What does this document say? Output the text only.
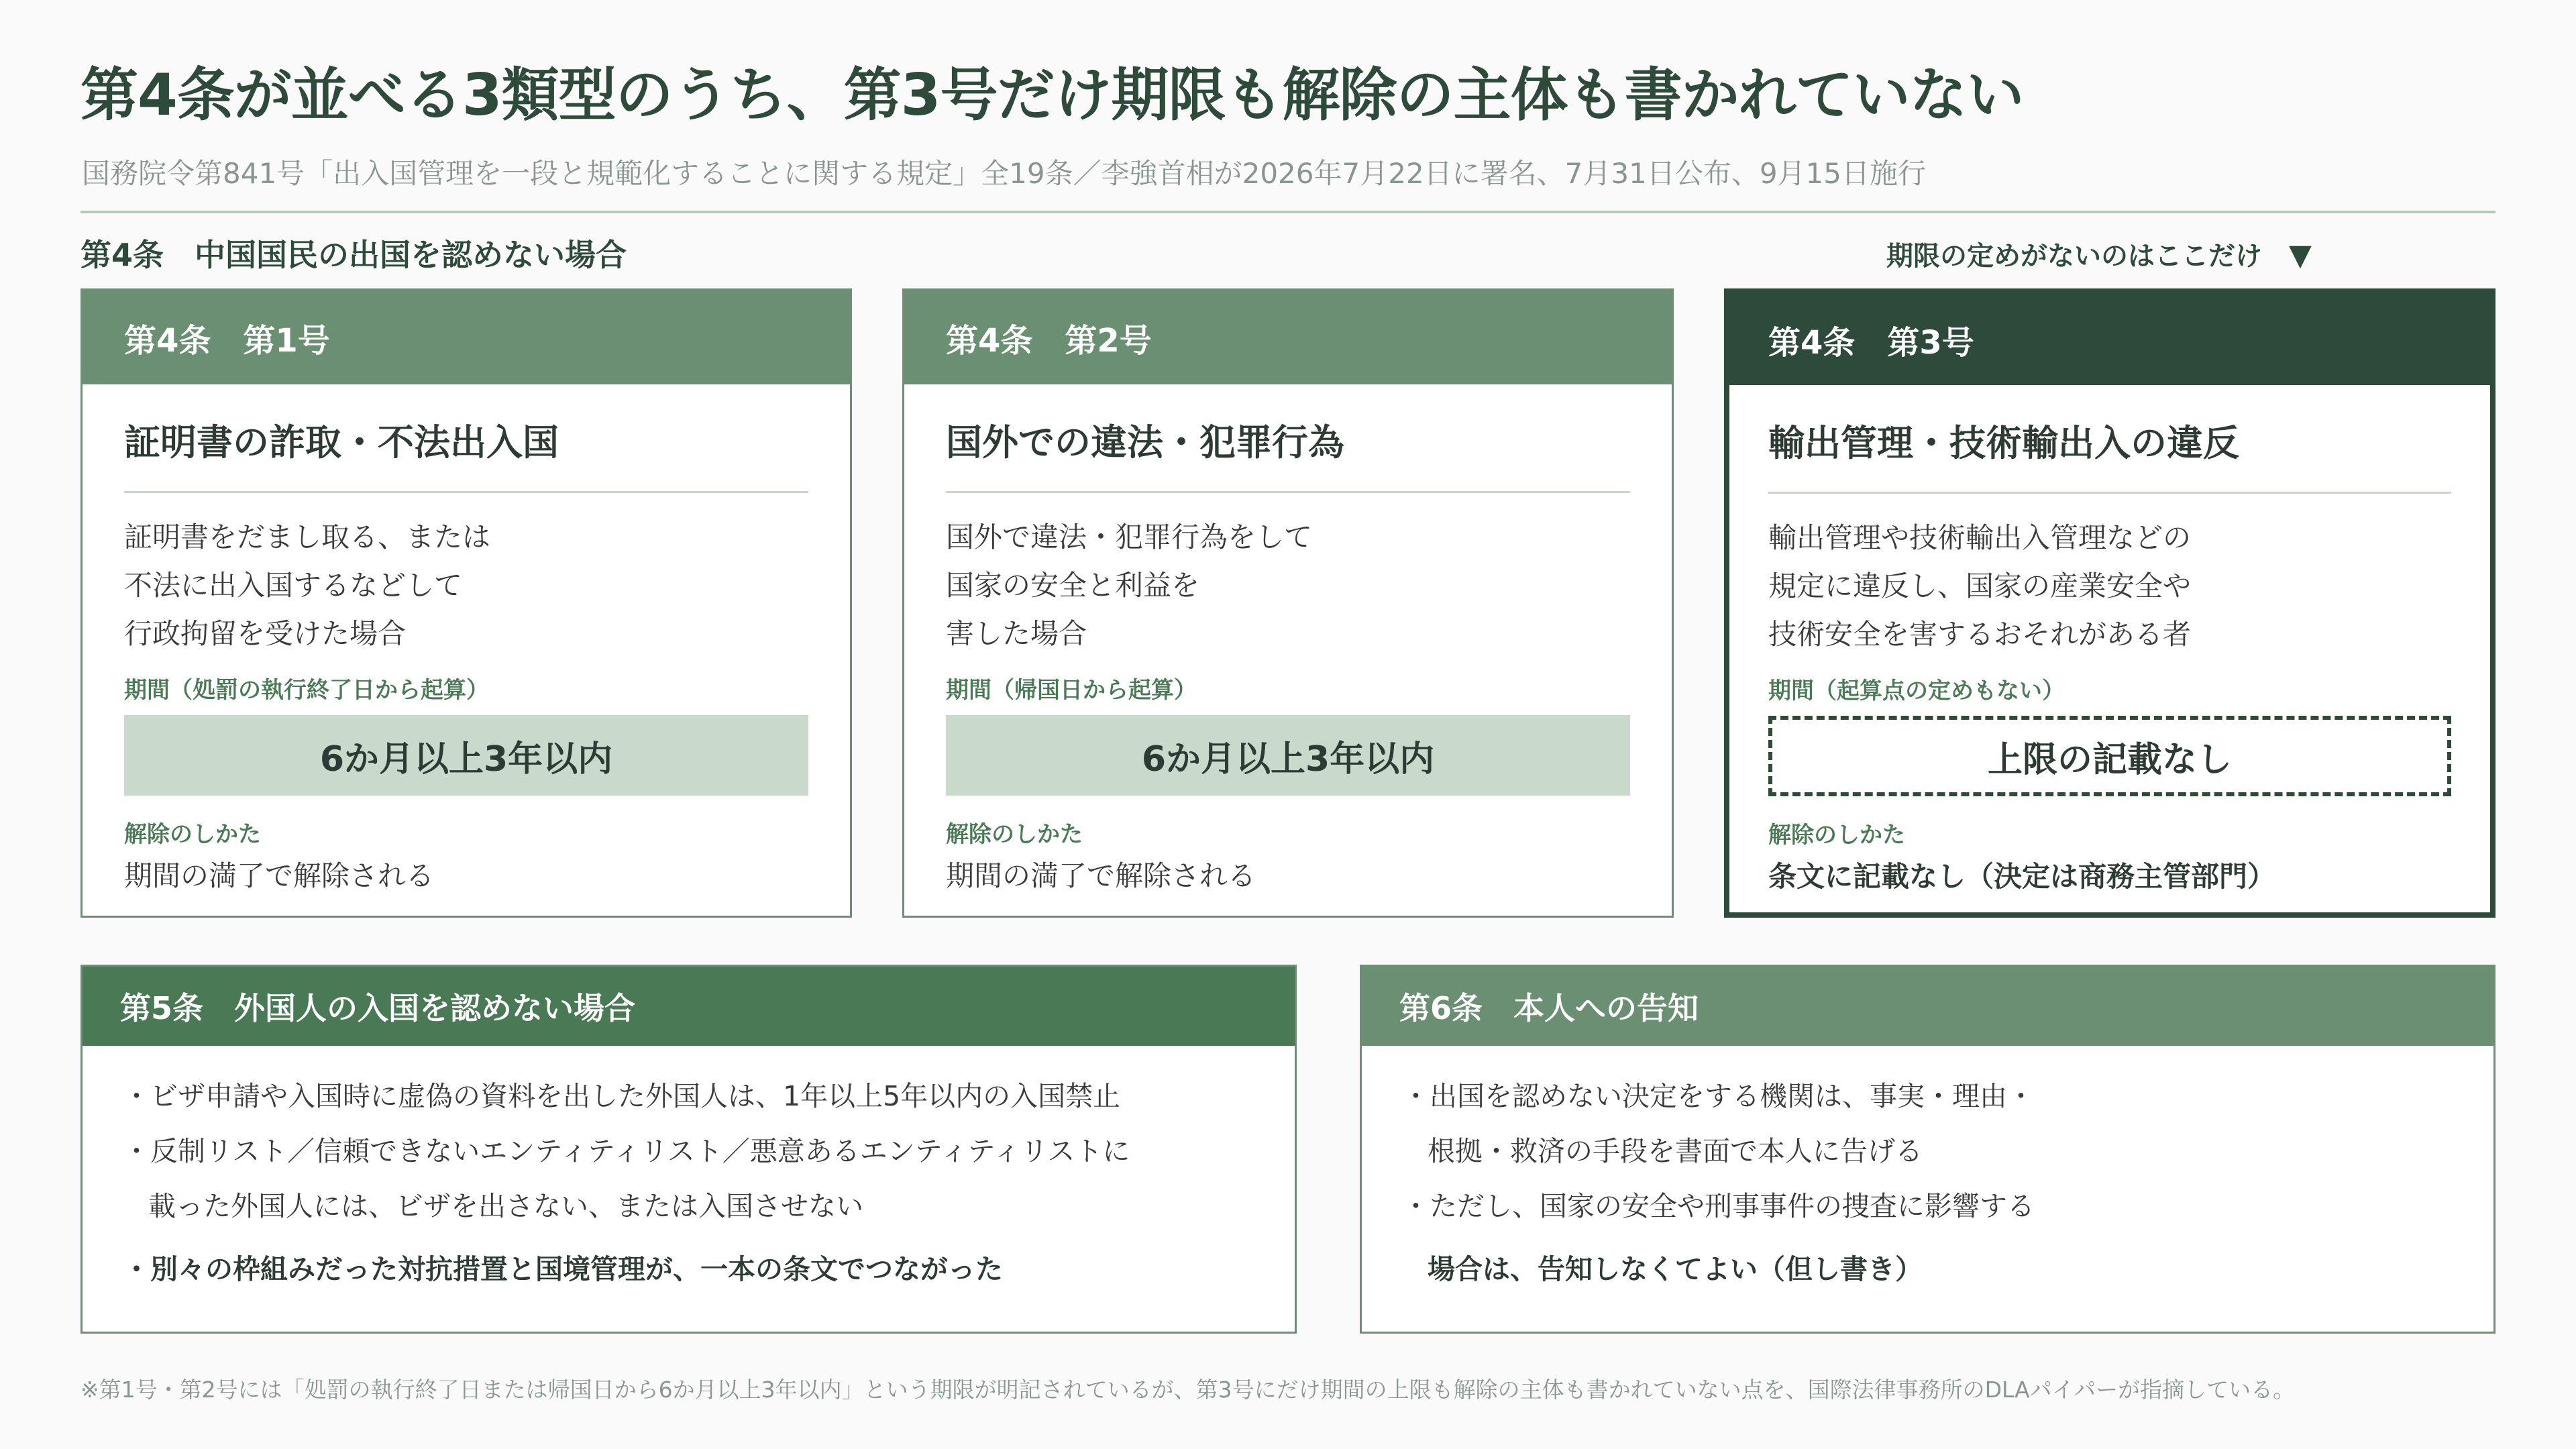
第4条が並べる3類型のうち、第3号だけ期限も解除の主体も書かれていない
国務院令第841号「出入国管理を一段と規範化することに関する規定」全19条／李強首相が2026年7月22日に署名、7月31日公布、9月15日施行
第4条　中国国民の出国を認めない場合	期限の定めがないのはここだけ ▼
第4条　第1号
証明書の詐取・不法出入国
証明書をだまし取る、または
不法に出入国するなどして
行政拘留を受けた場合
期間（処罰の執行終了日から起算）
6か月以上3年以内
解除のしかた
期間の満了で解除される
第4条　第2号
国外での違法・犯罪行為
国外で違法・犯罪行為をして
国家の安全と利益を
害した場合
期間（帰国日から起算）
6か月以上3年以内
解除のしかた
期間の満了で解除される
第4条　第3号
輸出管理・技術輸出入の違反
輸出管理や技術輸出入管理などの
規定に違反し、国家の産業安全や
技術安全を害するおそれがある者
期間（起算点の定めもない）
上限の記載なし
解除のしかた
条文に記載なし（決定は商務主管部門）
第5条　外国人の入国を認めない場合
・ビザ申請や入国時に虚偽の資料を出した外国人は、1年以上5年以内の入国禁止
・反制リスト／信頼できないエンティティリスト／悪意あるエンティティリストに
載った外国人には、ビザを出さない、または入国させない
・別々の枠組みだった対抗措置と国境管理が、一本の条文でつながった
第6条　本人への告知
・出国を認めない決定をする機関は、事実・理由・
根拠・救済の手段を書面で本人に告げる
・ただし、国家の安全や刑事事件の捜査に影響する
場合は、告知しなくてよい（但し書き）
※第1号・第2号には「処罰の執行終了日または帰国日から6か月以上3年以内」という期限が明記されているが、第3号にだけ期間の上限も解除の主体も書かれていない点を、国際法律事務所のDLAパイパーが指摘している。
